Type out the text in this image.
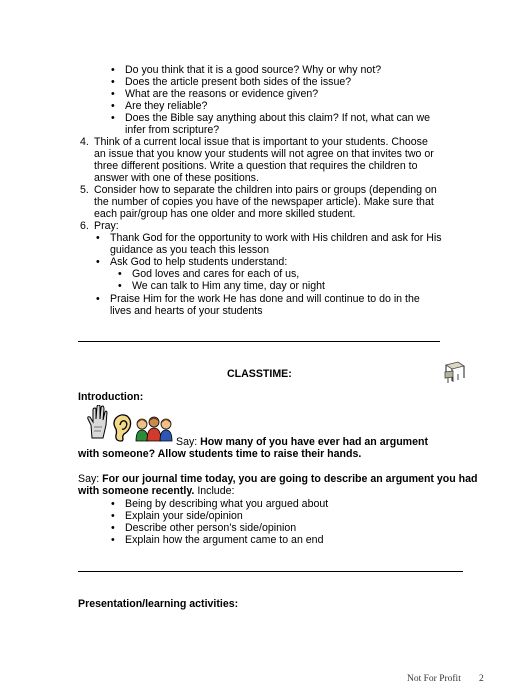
• Do you think that it is a good source? Why or why not?
• Does the article present both sides of the issue?
• What are the reasons or evidence given?
• Are they reliable?
• Does the Bible say anything about this claim? If not, what can we
infer from scripture?
4. Think of a current local issue that is important to your students. Choose
an issue that you know your students will not agree on that invites two or
three different positions. Write a question that requires the children to
answer with one of these positions.
5. Consider how to separate the children into pairs or groups (depending on
the number of copies you have of the newspaper article). Make sure that
each pair/group has one older and more skilled student.
6. Pray:
• Thank God for the opportunity to work with His children and ask for His
guidance as you teach this lesson
• Ask God to help students understand:
• God loves and cares for each of us,
• We can talk to Him any time, day or night
• Praise Him for the work He has done and will continue to do in the
lives and hearts of your students
CLASSTIME:
Introduction:
Say: How many of you have ever had an argument
with someone? Allow students time to raise their hands.
Say: For our journal time today, you are going to describe an argument you had
with someone recently. Include:
• Being by describing what you argued about
• Explain your side/opinion
• Describe other person’s side/opinion
• Explain how the argument came to an end
Presentation/learning activities:
Not For Profit 2
